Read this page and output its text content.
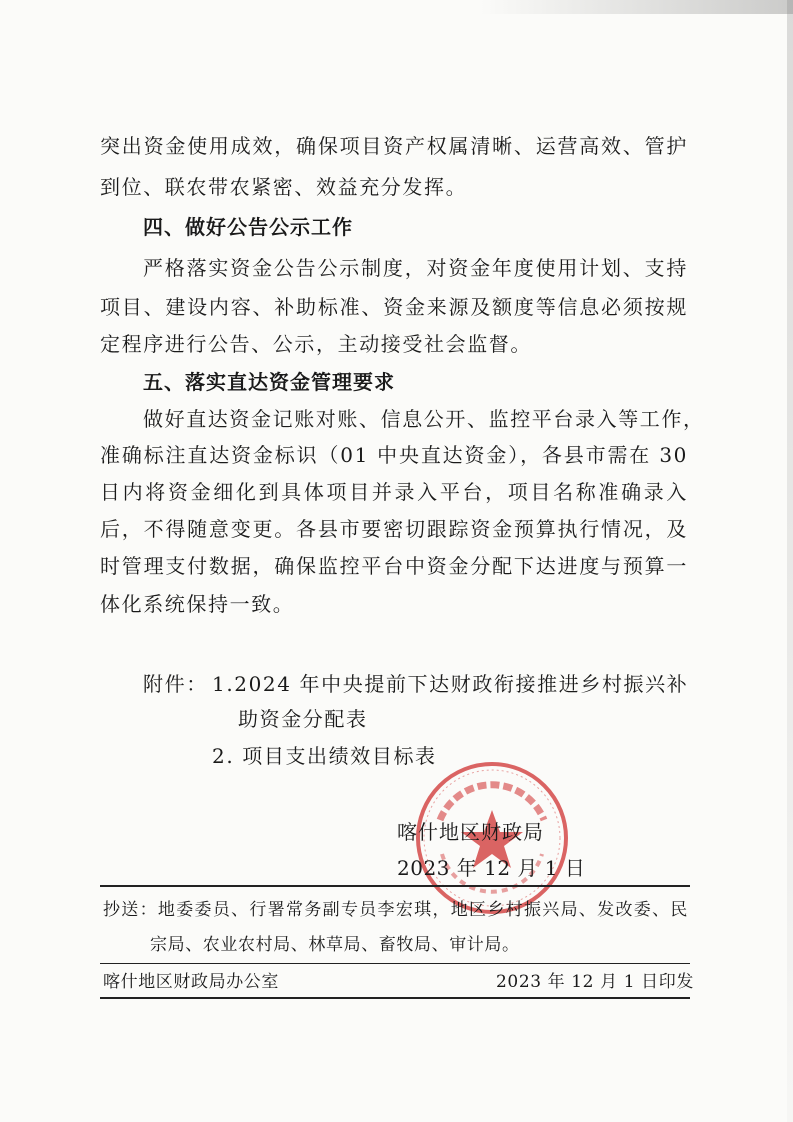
突出资金使用成效，确保项目资产权属清晰、运营高效、管护
到位、联农带农紧密、效益充分发挥。
四、做好公告公示工作
严格落实资金公告公示制度，对资金年度使用计划、支持
项目、建设内容、补助标准、资金来源及额度等信息必须按规
定程序进行公告、公示，主动接受社会监督。
五、落实直达资金管理要求
做好直达资金记账对账、信息公开、监控平台录入等工作，
准确标注直达资金标识（01 中央直达资金），各县市需在 30
日内将资金细化到具体项目并录入平台，项目名称准确录入
后，不得随意变更。各县市要密切跟踪资金预算执行情况，及
时管理支付数据，确保监控平台中资金分配下达进度与预算一
体化系统保持一致。
附件： 1.2024 年中央提前下达财政衔接推进乡村振兴补
助资金分配表
2. 项目支出绩效目标表
喀什地区财政局
2023 年 12 月 1 日
抄送：地委委员、行署常务副专员李宏琪，地区乡村振兴局、发改委、民
宗局、农业农村局、林草局、畜牧局、审计局。
喀什地区财政局办公室	2023 年 12 月 1 日印发
